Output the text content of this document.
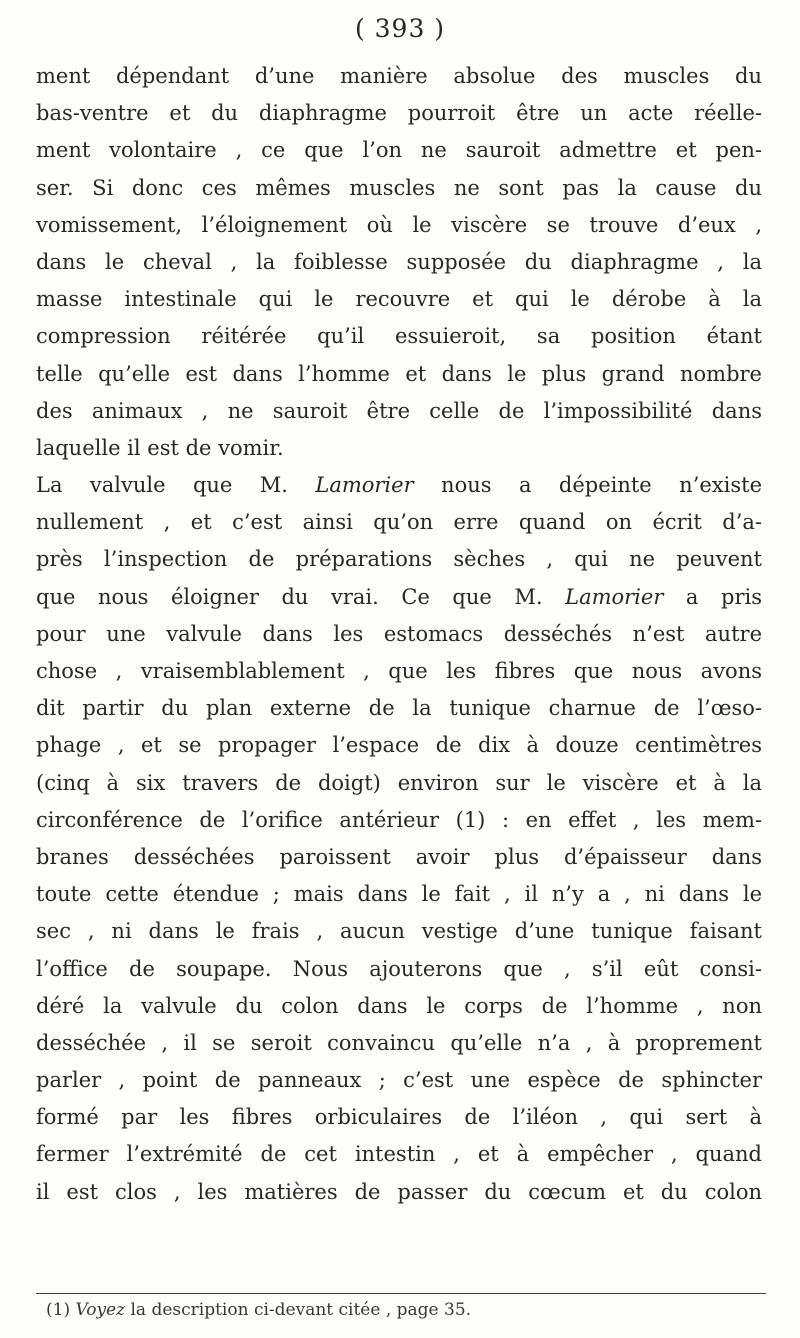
( 393 )
ment dépendant d’une manière absolue des muscles du
bas-ventre et du diaphragme pourroit être un acte réelle-
ment volontaire , ce que l’on ne sauroit admettre et pen-
ser. Si donc ces mêmes muscles ne sont pas la cause du
vomissement, l’éloignement où le viscère se trouve d’eux ,
dans le cheval , la foiblesse supposée du diaphragme , la
masse intestinale qui le recouvre et qui le dérobe à la
compression réitérée qu’il essuieroit, sa position étant
telle qu’elle est dans l’homme et dans le plus grand nombre
des animaux , ne sauroit être celle de l’impossibilité dans
laquelle il est de vomir.
La valvule que M. Lamorier nous a dépeinte n’existe
nullement , et c’est ainsi qu’on erre quand on écrit d’a-
près l’inspection de préparations sèches , qui ne peuvent
que nous éloigner du vrai. Ce que M. Lamorier a pris
pour une valvule dans les estomacs desséchés n’est autre
chose , vraisemblablement , que les fibres que nous avons
dit partir du plan externe de la tunique charnue de l’œso-
phage , et se propager l’espace de dix à douze centimètres
(cinq à six travers de doigt) environ sur le viscère et à la
circonférence de l’orifice antérieur (1) : en effet , les mem-
branes desséchées paroissent avoir plus d’épaisseur dans
toute cette étendue ; mais dans le fait , il n’y a , ni dans le
sec , ni dans le frais , aucun vestige d’une tunique faisant
l’office de soupape. Nous ajouterons que , s’il eût consi-
déré la valvule du colon dans le corps de l’homme , non
desséchée , il se seroit convaincu qu’elle n’a , à proprement
parler , point de panneaux ; c’est une espèce de sphincter
formé par les fibres orbiculaires de l’iléon , qui sert à
fermer l’extrémité de cet intestin , et à empêcher , quand
il est clos , les matières de passer du cœcum et du colon
(1) Voyez la description ci-devant citée , page 35.
